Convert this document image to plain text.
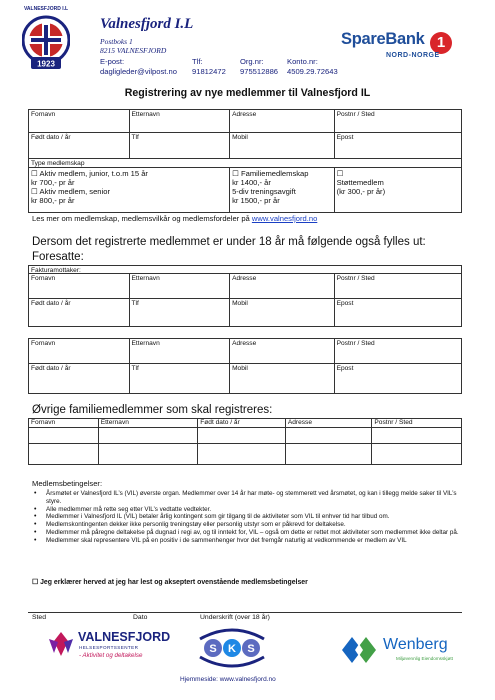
1923
VALNESFJORD I.L
Valnesfjord I.L
Postboks 1
8215 VALNESFJORD
E-post:
dagligleder@vilpost.no
Tlf:
91812472
Org.nr:
975512886
Konto.nr:
4509.29.72643
SpareBank 1
NORD-NORGE
Registrering av nye medlemmer til Valnesfjord IL
Fornavn	Etternavn	Adresse	Postnr / Sted
Født dato / år	Tlf	Mobil	Epost
Type medlemskap
☐ Aktiv medlem, junior, t.o.m 15 år
kr 700,- pr år
☐ Aktiv medlem, senior
kr 800,- pr år
☐ Familiemedlemskap
kr 1400,- år
5-div treningsavgift
kr 1500,- pr år
☐
Støttemedlem
(kr 300,- pr år)
Les mer om medlemskap, medlemsvilkår og medlemsfordeler på www.valnesfjord.no
Dersom det registrerte medlemmet er under 18 år må følgende også fylles ut:
Foresatte:
Fakturamottaker:
Fornavn	Etternavn	Adresse	Postnr / Sted
Født dato / år	Tlf	Mobil	Epost
Fornavn	Etternavn	Adresse	Postnr / Sted
Født dato / år	Tlf	Mobil	Epost
Øvrige familiemedlemmer som skal registreres:
Fornavn	Etternavn	Født dato / år	Adresse	Postnr / Sted
Medlemsbetingelser:
• Årsmøtet er Valnesfjord IL’s (VIL) øverste organ. Medlemmer over 14 år har møte- og stemmerett ved årsmøtet, og kan i tillegg melde saker til VIL’s styre.
• Alle medlemmer må rette seg etter VIL’s vedtatte vedtekter.
• Medlemmer i Valnesfjord IL (VIL) betaler årlig kontingent som gir tilgang til de aktiviteter som VIL til enhver tid har tilbud om.
• Medlemskontingenten dekker ikke personlig treningstøy eller personlig utstyr som er påkrevd for deltakelse.
• Medlemmer må påregne deltakelse på dugnad i regi av, og til inntekt for, VIL – også om dette er rettet mot aktiviteter som medlemmet ikke deltar på.
• Medlemmer skal representere VIL på en positiv i de sammenhenger hvor det fremgår naturlig at vedkommende er medlem av VIL
☐ Jeg erklærer herved at jeg har lest og akseptert ovenstående medlemsbetingelser
Sted	Dato	Underskrift (over 18 år)
VALNESFJORD
HELSESPORTSSENTER
- Aktivitet og deltakelse
S K S
Hjemmeside: www.valnesfjord.no
Wenberg
Miljøvennlig Eiendomsskjøtt
